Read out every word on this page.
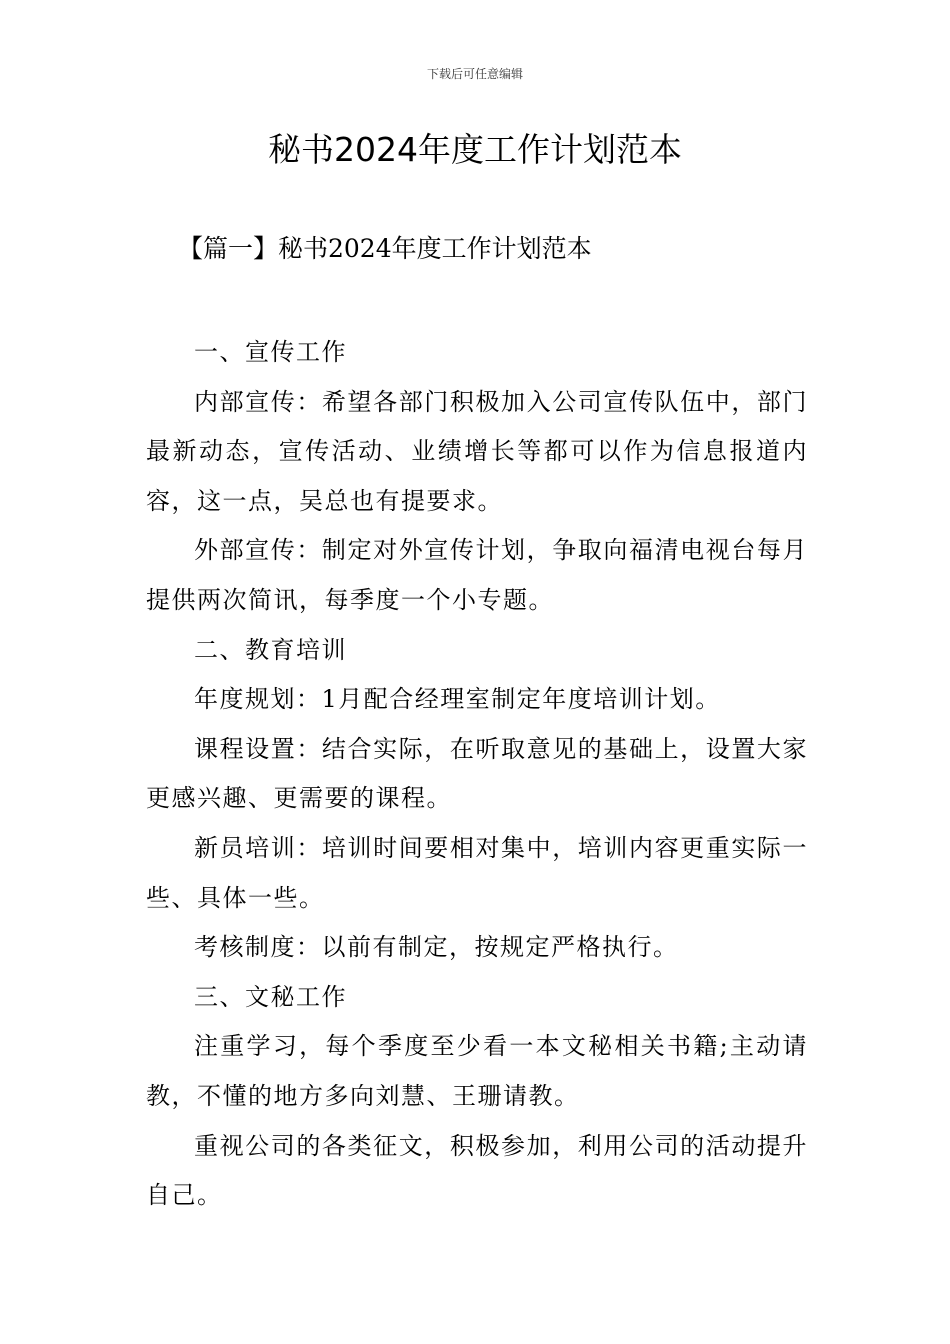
下载后可任意编辑
秘书2024年度工作计划范本

【篇一】秘书2024年度工作计划范本

一、宣传工作

内部宣传：希望各部门积极加入公司宣传队伍中，部门最新动态，宣传活动、业绩增长等都可以作为信息报道内容，这一点，吴总也有提要求。

外部宣传：制定对外宣传计划，争取向福清电视台每月提供两次简讯，每季度一个小专题。

二、教育培训

年度规划：1月配合经理室制定年度培训计划。

课程设置：结合实际，在听取意见的基础上，设置大家更感兴趣、更需要的课程。

新员培训：培训时间要相对集中，培训内容更重实际一些、具体一些。

考核制度：以前有制定，按规定严格执行。

三、文秘工作

注重学习，每个季度至少看一本文秘相关书籍;主动请教，不懂的地方多向刘慧、王珊请教。

重视公司的各类征文，积极参加，利用公司的活动提升自己。
